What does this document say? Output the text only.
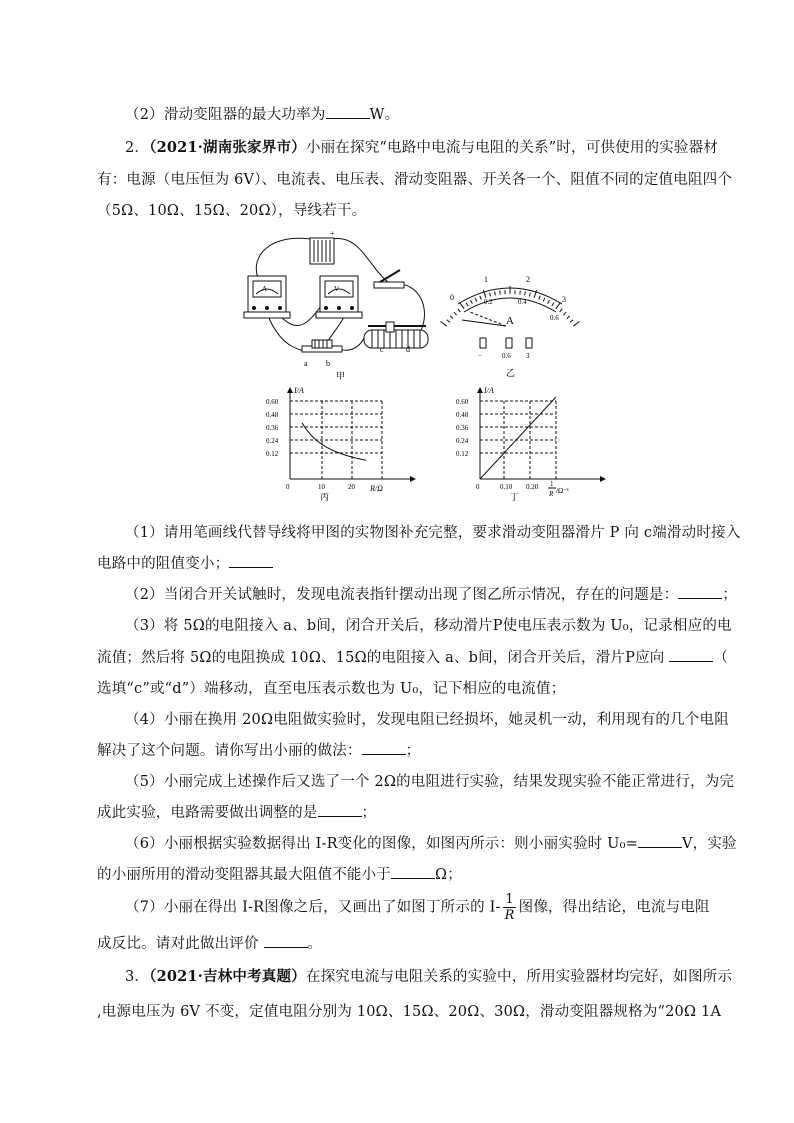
（2）滑动变阻器的最大功率为	W。
2．（2021·湖南张家界市）小丽在探究“电路中电流与电阻的关系”时，可供使用的实验器材
有：电源（电压恒为 6V）、电流表、电压表、滑动变阻器、开关各一个、阻值不同的定值电阻四个
（5Ω、10Ω、15Ω、20Ω），导线若干。
+
A	V
a b
c	d
甲
0
1	2
3
0.2	0.4
0.6
A
−	0.6 3
乙
I/A
0.60
0.48
0.36
0.24
0.12
0	10	20 R/Ω
丙
I/A
0.60
0.48
0.36
0.24
0.12
0	0.10 0.20 1
R /Ω⁻¹
丁
（1）请用笔画线代替导线将甲图的实物图补充完整，要求滑动变阻器滑片 P 向 c端滑动时接入
电路中的阻值变小；
（2）当闭合开关试触时，发现电流表指针摆动出现了图乙所示情况，存在的问题是：	；
（3）将 5Ω的电阻接入 a、b间，闭合开关后，移动滑片P使电压表示数为 U₀，记录相应的电
流值；然后将 5Ω的电阻换成 10Ω、15Ω的电阻接入 a、b间，闭合开关后，滑片P应向	（
选填“c”或“d”）端移动，直至电压表示数也为 U₀，记下相应的电流值；
（4）小丽在换用 20Ω电阻做实验时，发现电阻已经损坏，她灵机一动，利用现有的几个电阻
解决了这个问题。请你写出小丽的做法：	；
（5）小丽完成上述操作后又选了一个 2Ω的电阻进行实验，结果发现实验不能正常进行，为完
成此实验，电路需要做出调整的是	；
（6）小丽根据实验数据得出 I-R变化的图像，如图丙所示：则小丽实验时 U₀=	V，实验
的小丽所用的滑动变阻器其最大阻值不能小于	Ω；
（7）小丽在得出 I-R图像之后，又画出了如图丁所示的 $I- \frac{1}{R}$ 图像，得出结论，电流与电阻
成反比。请对此做出评价	。
3．（2021·吉林中考真题）在探究电流与电阻关系的实验中，所用实验器材均完好，如图所示
,电源电压为 6V 不变，定值电阻分别为 10Ω、15Ω、20Ω、30Ω，滑动变阻器规格为“20Ω 1A
